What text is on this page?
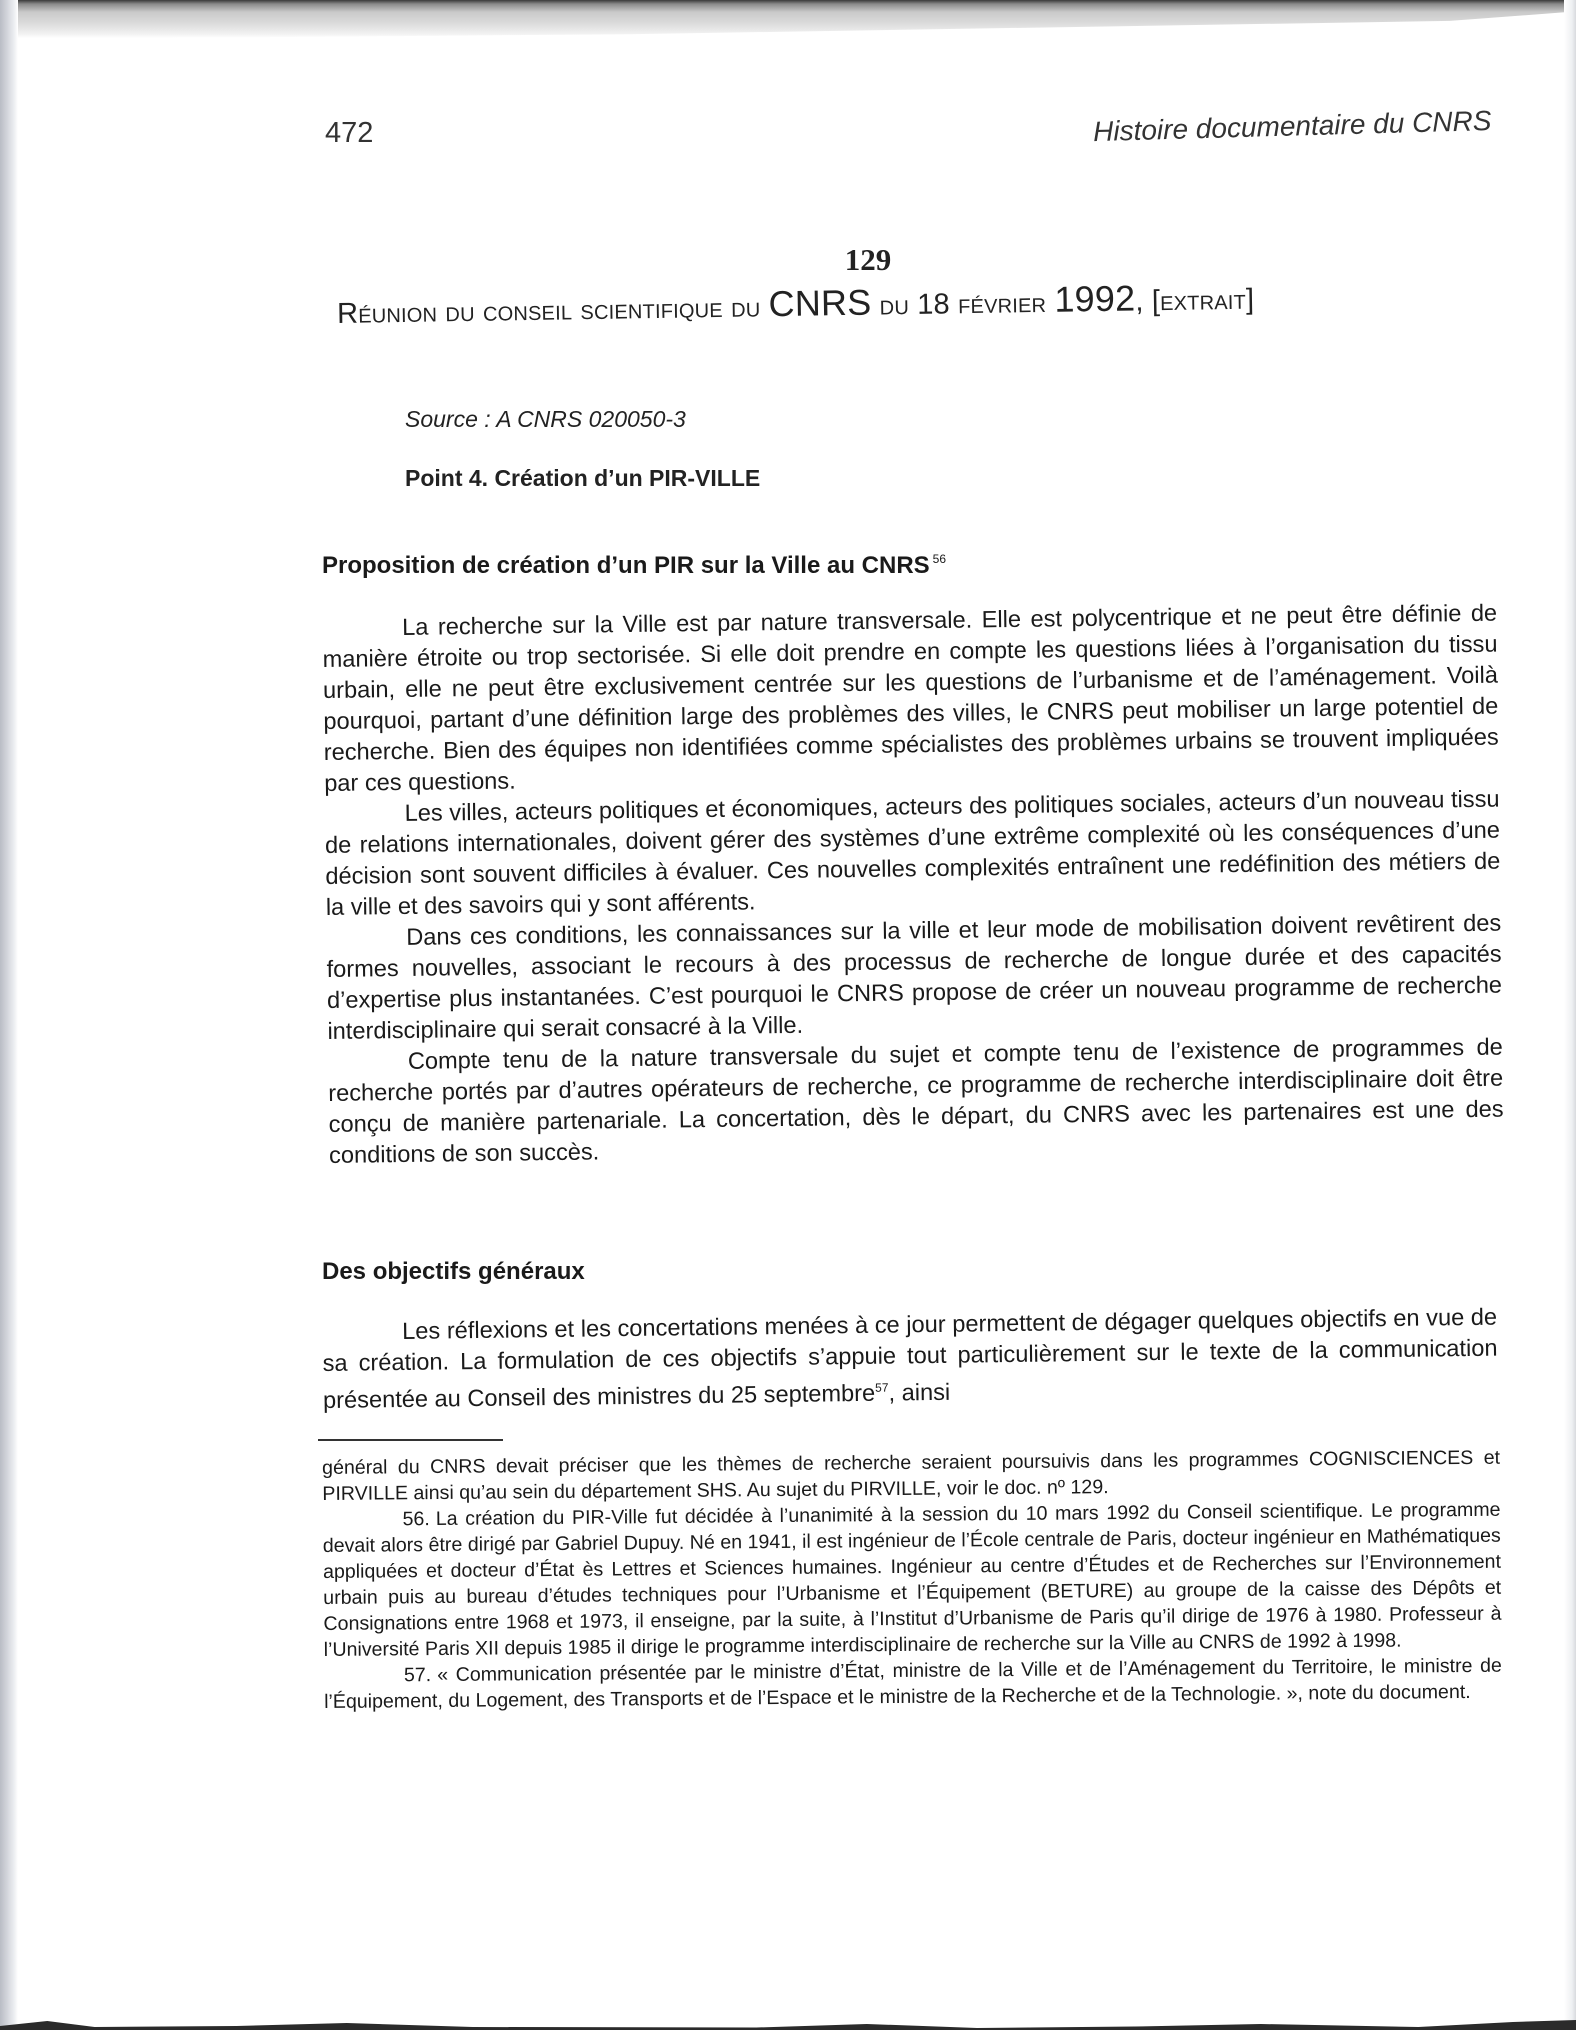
472	Histoire documentaire du CNRS
129
Réunion du conseil scientifique du CNRS du 18 février 1992, [extrait]
Source : A CNRS 020050-3
Point 4. Création d’un PIR-VILLE
Proposition de création d’un PIR sur la Ville au CNRS $^{56}$

La recherche sur la Ville est par nature transversale. Elle est polycentrique et ne peut être définie de manière étroite ou trop sectorisée. Si elle doit prendre en compte les questions liées à l’organisation du tissu urbain, elle ne peut être exclusivement centrée sur les questions de l’urbanisme et de l’aménagement. Voilà pourquoi, partant d’une définition large des problèmes des villes, le CNRS peut mobiliser un large potentiel de recherche. Bien des équipes non identifiées comme spécialistes des problèmes urbains se trouvent impliquées par ces questions.

Les villes, acteurs politiques et économiques, acteurs des politiques sociales, acteurs d’un nouveau tissu de relations internationales, doivent gérer des systèmes d’une extrême complexité où les conséquences d’une décision sont souvent difficiles à évaluer. Ces nouvelles complexités entraînent une redéfinition des métiers de la ville et des savoirs qui y sont afférents.

Dans ces conditions, les connaissances sur la ville et leur mode de mobilisation doivent revêtirent des formes nouvelles, associant le recours à des processus de recherche de longue durée et des capacités d’expertise plus instantanées. C’est pourquoi le CNRS propose de créer un nouveau programme de recherche interdisciplinaire qui serait consacré à la Ville.

Compte tenu de la nature transversale du sujet et compte tenu de l’existence de programmes de recherche portés par d’autres opérateurs de recherche, ce programme de recherche interdisciplinaire doit être conçu de manière partenariale. La concertation, dès le départ, du CNRS avec les partenaires est une des conditions de son succès.

Des objectifs généraux

Les réflexions et les concertations menées à ce jour permettent de dégager quelques objectifs en vue de sa création. La formulation de ces objectifs s’appuie tout particulièrement sur le texte de la communication présentée au Conseil des ministres du 25 septembre$^{57}$, ainsi

général du CNRS devait préciser que les thèmes de recherche seraient poursuivis dans les programmes COGNISCIENCES et PIRVILLE ainsi qu’au sein du département SHS. Au sujet du PIRVILLE, voir le doc. nº 129.

56. La création du PIR-Ville fut décidée à l’unanimité à la session du 10 mars 1992 du Conseil scientifique. Le programme devait alors être dirigé par Gabriel Dupuy. Né en 1941, il est ingénieur de l’École centrale de Paris, docteur ingénieur en Mathématiques appliquées et docteur d’État ès Lettres et Sciences humaines. Ingénieur au centre d’Études et de Recherches sur l’Environnement urbain puis au bureau d’études techniques pour l’Urbanisme et l’Équipement (BETURE) au groupe de la caisse des Dépôts et Consignations entre 1968 et 1973, il enseigne, par la suite, à l’Institut d’Urbanisme de Paris qu’il dirige de 1976 à 1980. Professeur à l’Université Paris XII depuis 1985 il dirige le programme interdisciplinaire de recherche sur la Ville au CNRS de 1992 à 1998.

57. « Communication présentée par le ministre d’État, ministre de la Ville et de l’Aménagement du Territoire, le ministre de l’Équipement, du Logement, des Transports et de l’Espace et le ministre de la Recherche et de la Technologie. », note du document.
